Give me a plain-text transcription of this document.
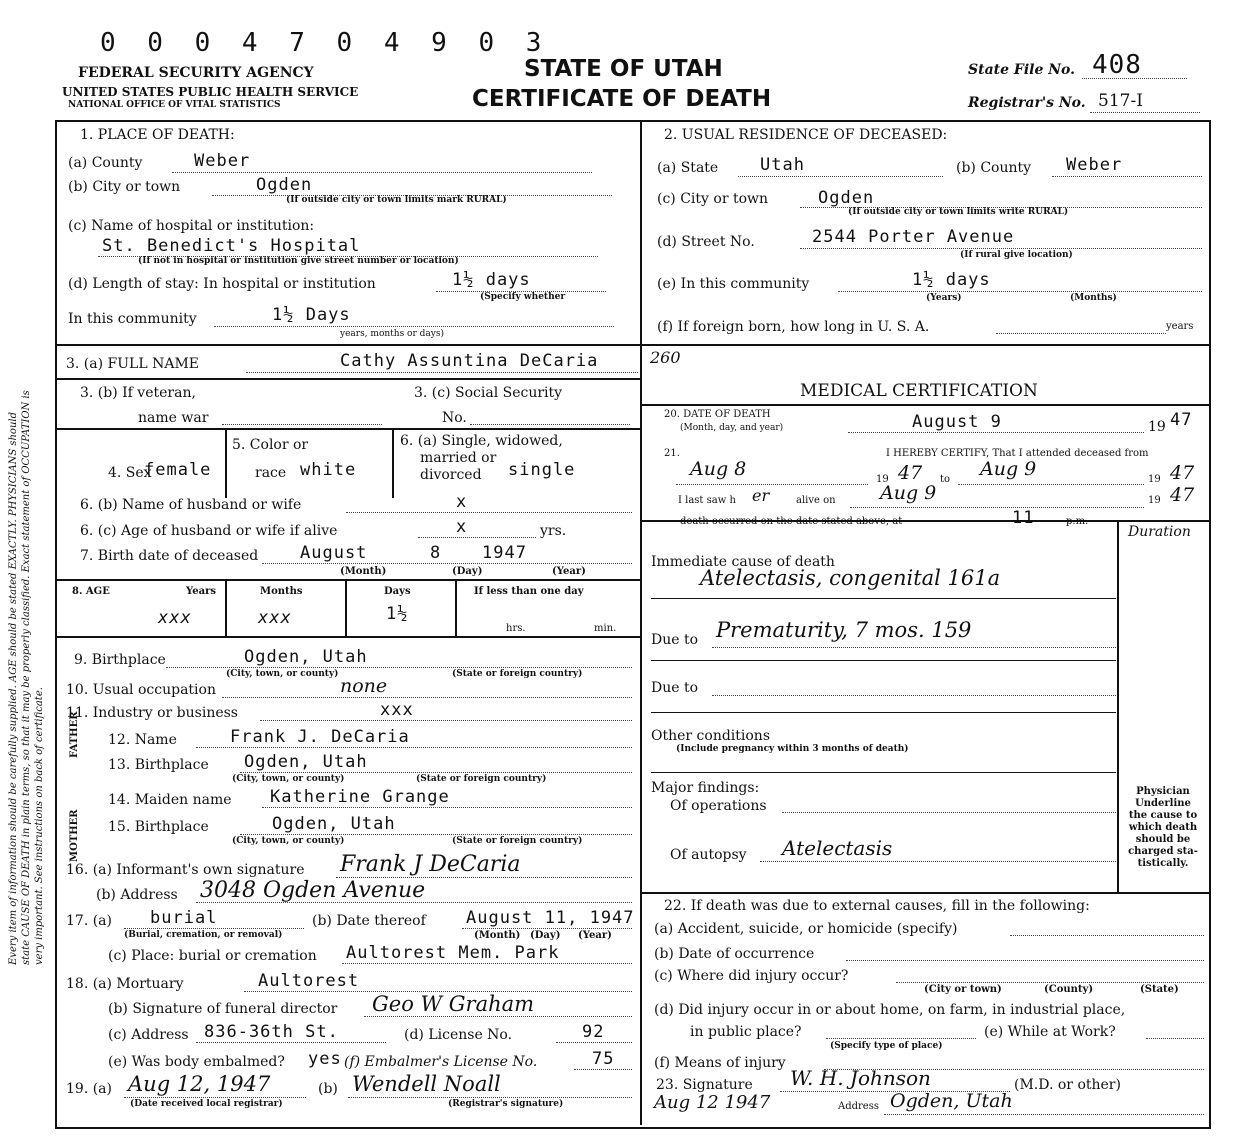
0 0 0 4 7 0 4 9 0 3
FEDERAL SECURITY AGENCY
UNITED STATES PUBLIC HEALTH SERVICE
NATIONAL OFFICE OF VITAL STATISTICS
STATE OF UTAH
CERTIFICATE OF DEATH
State File No. 408
Registrar's No. 517-I
Every item of information should be carefully supplied. AGE should be stated EXACTLY. PHYSICIANS should state CAUSE OF DEATH in plain terms, so that it may be properly classified. Exact statement of OCCUPATION is very important. See instructions on back of certificate.
1. PLACE OF DEATH:
(a) County	Weber
(b) City or town	Ogden
(If outside city or town limits mark RURAL)
(c) Name of hospital or institution:
St. Benedict's Hospital
(If not in hospital or institution give street number or location)
(d) Length of stay: In hospital or institution	1½ days
(Specify whether
In this community	1½ Days
years, months or days)
2. USUAL RESIDENCE OF DECEASED:
(a) State Utah	(b) County Weber
(c) City or town	Ogden
(If outside city or town limits write RURAL)
(d) Street No.	2544 Porter Avenue
(If rural give location)
(e) In this community	1½ days
(Years)	(Months)
(f) If foreign born, how long in U. S. A.	years
3. (a) FULL NAME	Cathy Assuntina DeCaria	260
3. (b) If veteran,
name war
3. (c) Social Security
No.
5. Color or
race white
6. (a) Single, widowed,
married or
divorced single
4. Sex
female
6. (b) Name of husband or wife	x
6. (c) Age of husband or wife if alive	x	yrs.
7. Birth date of deceased August	8 1947
(Month)	(Day)	(Year)
8. AGE	Years	Months	Days	If less than one day
xxx	xxx	1½
hrs.	min.
9. Birthplace	Ogden, Utah
(City, town, or county)	(State or foreign country)
10. Usual occupation	none
11. Industry or business	xxx
FATHER 12. Name	Frank J. DeCaria
13. Birthplace Ogden, Utah
(City, town, or county)	(State or foreign country)
MOTHER
14. Maiden name Katherine Grange
15. Birthplace	Ogden, Utah
(City, town, or county)	(State or foreign country)
16. (a) Informant's own signature Frank J DeCaria
(b) Address 3048 Ogden Avenue
17. (a) burial
(Burial, cremation, or removal)
(b) Date thereof August 11, 1947
(Month) (Day) (Year)
(c) Place: burial or cremation Aultorest Mem. Park
18. (a) Mortuary	Aultorest
(b) Signature of funeral director Geo W Graham
(c) Address 836-36th St.	(d) License No.	92
(e) Was body embalmed? yes (f) Embalmer's License No.	75
19. (a) Aug 12, 1947
(Date received local registrar)
(b) Wendell Noall
(Registrar's signature)
MEDICAL CERTIFICATION
20. DATE OF DEATH
(Month, day, and year)	August 9	19 47
21.	I HEREBY CERTIFY, That I attended deceased from
Aug 8	19 47 to Aug 9	19 47
I last saw h er	alive on Aug 9	19 47
death occurred on the date stated above, at	11	p.m.
Duration
Immediate cause of death
Atelectasis, congenital 161a
Due to Prematurity, 7 mos. 159
Due to
Other conditions
(Include pregnancy within 3 months of death)
Major findings:
Of operations
Of autopsy Atelectasis
Physician
Underline
the cause to
which death
should be
charged sta-
tistically.
22. If death was due to external causes, fill in the following:
(a) Accident, suicide, or homicide (specify)
(b) Date of occurrence
(c) Where did injury occur?
(City or town)	(County)	(State)
(d) Did injury occur in or about home, on farm, in industrial place,
in public place?	(e) While at Work?
(Specify type of place)
(f) Means of injury
23. Signature W. H. Johnson	(M.D. or other)
Aug 12 1947	Address Ogden, Utah
